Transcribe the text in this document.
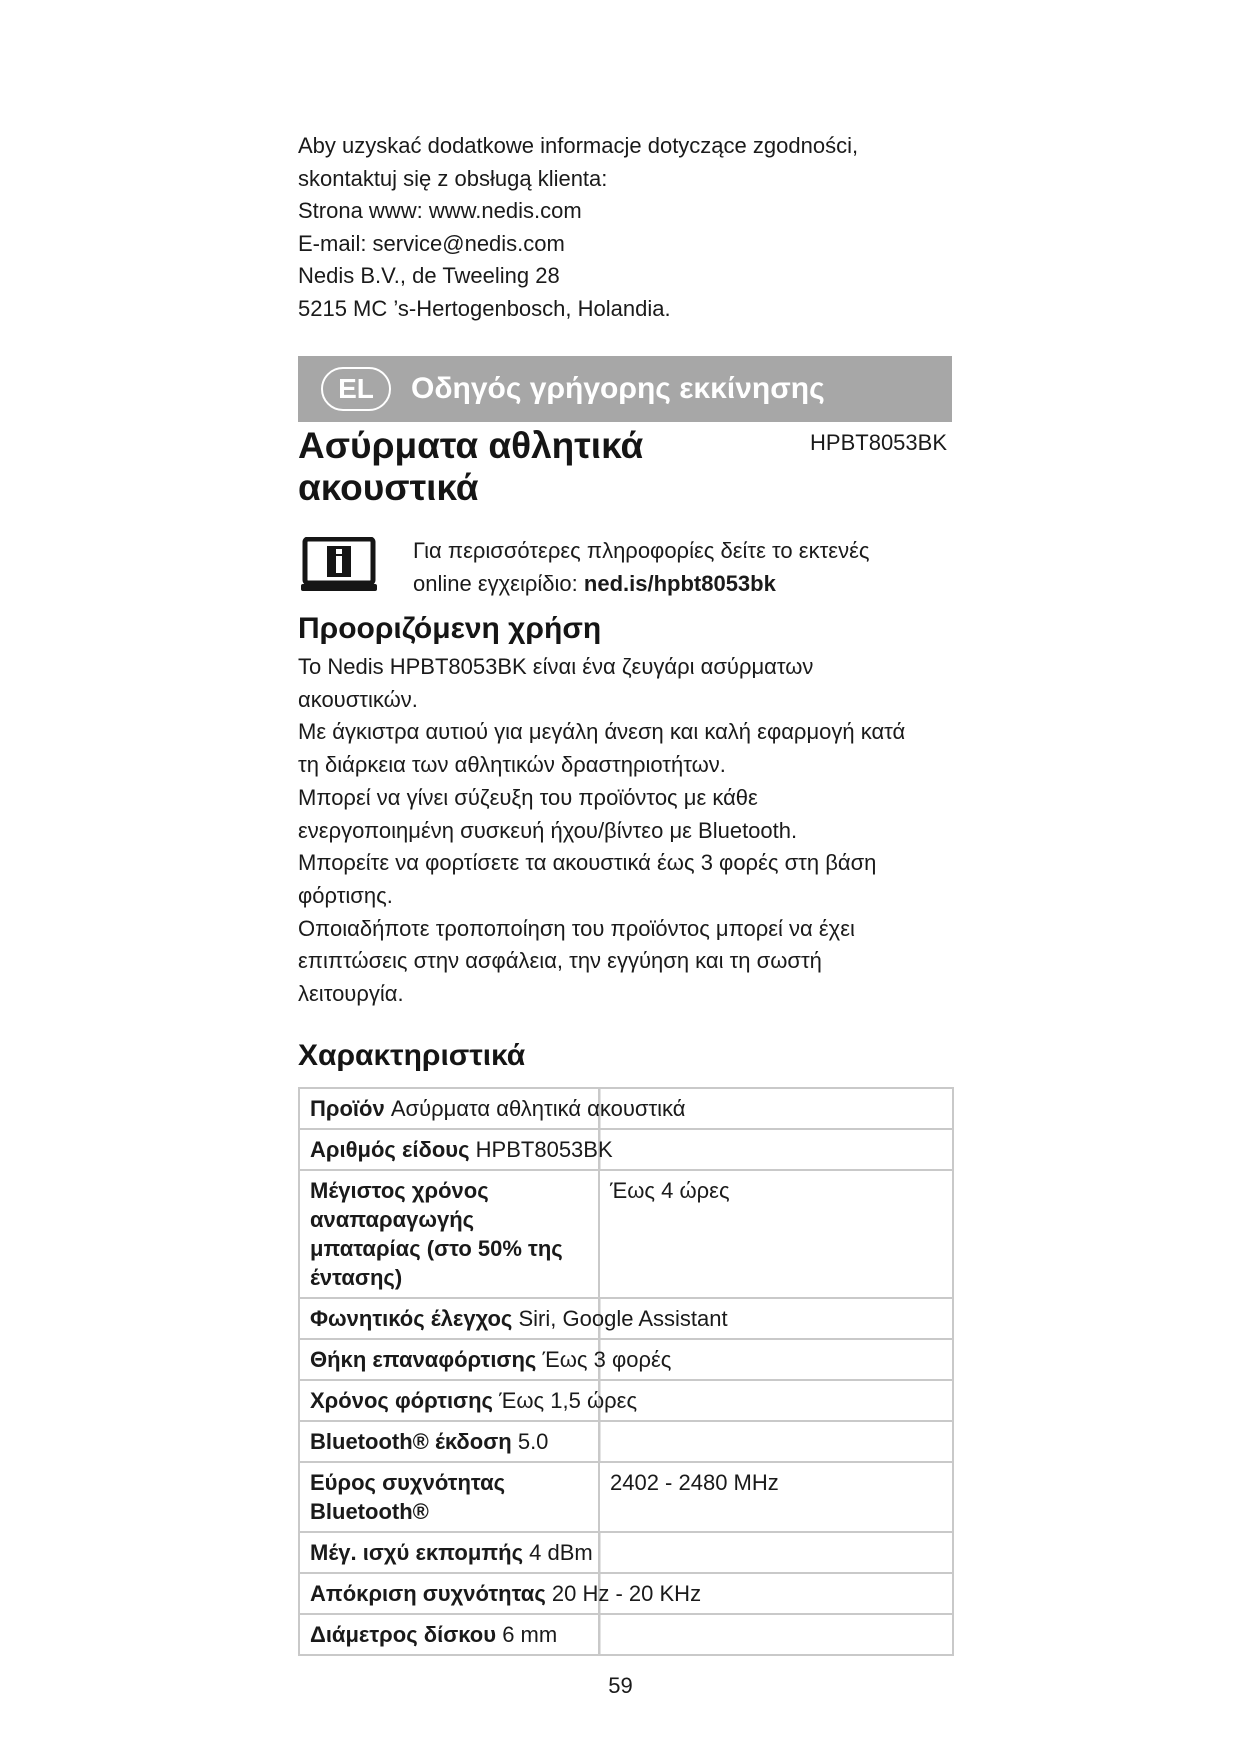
Aby uzyskać dodatkowe informacje dotyczące zgodności,
skontaktuj się z obsługą klienta:
Strona www: www.nedis.com
E-mail: service@nedis.com
Nedis B.V., de Tweeling 28
5215 MC ’s-Hertogenbosch, Holandia.
EL	Οδηγός γρήγορης εκκίνησης
Ασύρματα αθλητικά
ακουστικά
HPBT8053BK
Για περισσότερες πληροφορίες δείτε το εκτενές
online εγχειρίδιο: ned.is/hpbt8053bk
Προοριζόμενη χρήση

Το Nedis HPBT8053BK είναι ένα ζευγάρι ασύρματων

ακουστικών.

Με άγκιστρα αυτιού για μεγάλη άνεση και καλή εφαρμογή κατά

τη διάρκεια των αθλητικών δραστηριοτήτων.

Μπορεί να γίνει σύζευξη του προϊόντος με κάθε

ενεργοποιημένη συσκευή ήχου/βίντεο με Bluetooth.

Μπορείτε να φορτίσετε τα ακουστικά έως 3 φορές στη βάση

φόρτισης.

Οποιαδήποτε τροποποίηση του προϊόντος μπορεί να έχει

επιπτώσεις στην ασφάλεια, την εγγύηση και τη σωστή

λειτουργία.

Χαρακτηριστικά
Προϊόν Ασύρματα αθλητικά ακουστικά	
Αριθμός είδους HPBT8053BK	
Μέγιστος χρόνος αναπαραγωγής μπαταρίας (στο 50% της έντασης)	Έως 4 ώρες
Φωνητικός έλεγχος Siri, Google Assistant	
Θήκη επαναφόρτισης Έως 3 φορές	
Χρόνος φόρτισης Έως 1,5 ώρες	
Bluetooth® έκδοση 5.0	
Εύρος συχνότητας Bluetooth®	2402 - 2480 MHz
Μέγ. ισχύ εκπομπής 4 dBm	
Απόκριση συχνότητας 20 Hz - 20 KHz	
Διάμετρος δίσκου 6 mm	
59
